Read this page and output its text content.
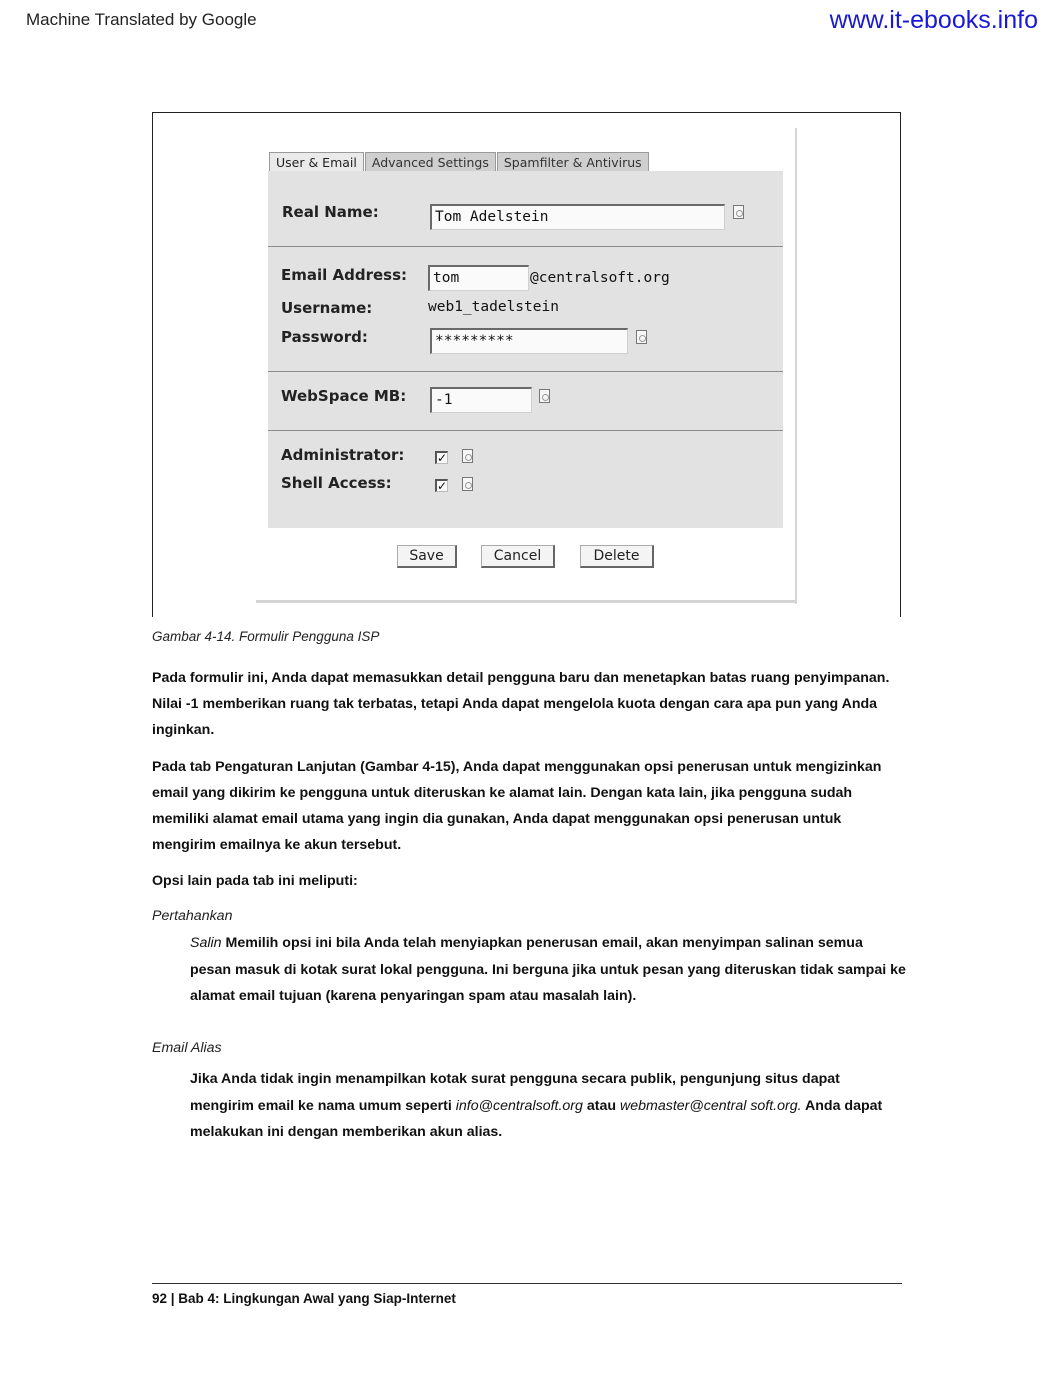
Machine Translated by Google	www.it-ebooks.info
User & Email	Advanced Settings	Spamfilter & Antivirus
Real Name:	Tom Adelstein
Email Address:	tom	@centralsoft.org
Username:	web1_tadelstein
Password:	*********
WebSpace MB:	-1
Administrator:	✓
Shell Access:	✓
Save	Cancel	Delete
Gambar 4-14. Formulir Pengguna ISP
Pada formulir ini, Anda dapat memasukkan detail pengguna baru dan menetapkan batas ruang penyimpanan. Nilai -1 memberikan ruang tak terbatas, tetapi Anda dapat mengelola kuota dengan cara apa pun yang Anda inginkan.
Pada tab Pengaturan Lanjutan (Gambar 4-15), Anda dapat menggunakan opsi penerusan untuk mengizinkan email yang dikirim ke pengguna untuk diteruskan ke alamat lain. Dengan kata lain, jika pengguna sudah memiliki alamat email utama yang ingin dia gunakan, Anda dapat menggunakan opsi penerusan untuk mengirim emailnya ke akun tersebut.
Opsi lain pada tab ini meliputi:
Pertahankan
Salin Memilih opsi ini bila Anda telah menyiapkan penerusan email, akan menyimpan salinan semua pesan masuk di kotak surat lokal pengguna. Ini berguna jika untuk pesan yang diteruskan tidak sampai ke alamat email tujuan (karena penyaringan spam atau masalah lain).
Email Alias
Jika Anda tidak ingin menampilkan kotak surat pengguna secara publik, pengunjung situs dapat mengirim email ke nama umum seperti info@centralsoft.org atau webmaster@central soft.org. Anda dapat melakukan ini dengan memberikan akun alias.
92 | Bab 4: Lingkungan Awal yang Siap-Internet
